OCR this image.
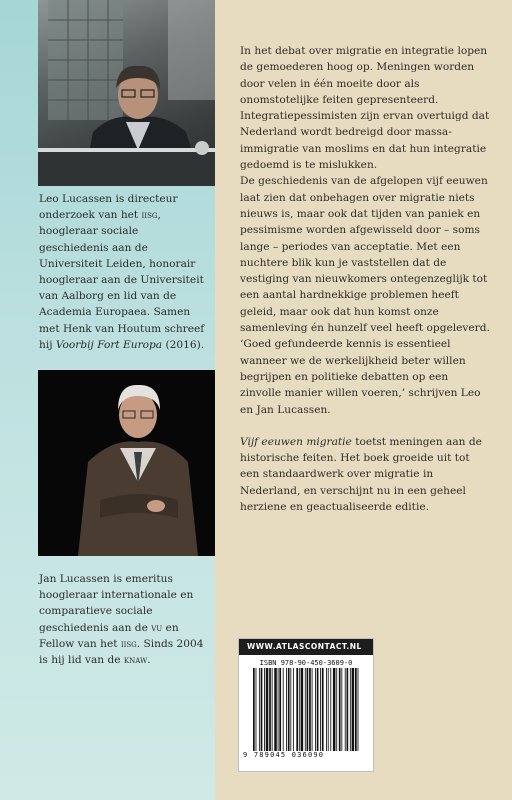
Leo Lucassen is directeur onderzoek van het iisg, hoogleraar sociale geschiedenis aan de Universiteit Leiden, honorair hoogleraar aan de Universiteit van Aalborg en lid van de Academia Europaea. Samen met Henk van Houtum schreef hij Voorbij Fort Europa (2016).

Jan Lucassen is emeritus hoogleraar internationale en comparatieve sociale geschiedenis aan de vu en Fellow van het iisg. Sinds 2004 is hij lid van de knaw.

In het debat over migratie en integratie lopen de gemoederen hoog op. Meningen worden door velen in één moeite door als onomstotelijke feiten gepresenteerd. Integratiepessimisten zijn ervan overtuigd dat Nederland wordt bedreigd door massa-immigratie van moslims en dat hun integratie gedoemd is te mislukken.

De geschiedenis van de afgelopen vijf eeuwen laat zien dat onbehagen over migratie niets nieuws is, maar ook dat tijden van paniek en pessimisme worden afgewisseld door – soms lange – periodes van acceptatie. Met een nuchtere blik kun je vaststellen dat de vestiging van nieuwkomers ontegenzeglijk tot een aantal hardnekkige problemen heeft geleid, maar ook dat hun komst onze samenleving én hunzelf veel heeft opgeleverd.

‘Goed gefundeerde kennis is essentieel wanneer we de werkelijkheid beter willen begrijpen en politieke debatten op een zinvolle manier willen voeren,’ schrijven Leo en Jan Lucassen.

Vijf eeuwen migratie toetst meningen aan de historische feiten. Het boek groeide uit tot een standaardwerk over migratie in Nederland, en verschijnt nu in een geheel herziene en geactualiseerde editie.

WWW.ATLASCONTACT.NL
ISBN 978-90-450-3609-0
9 789045 036090
